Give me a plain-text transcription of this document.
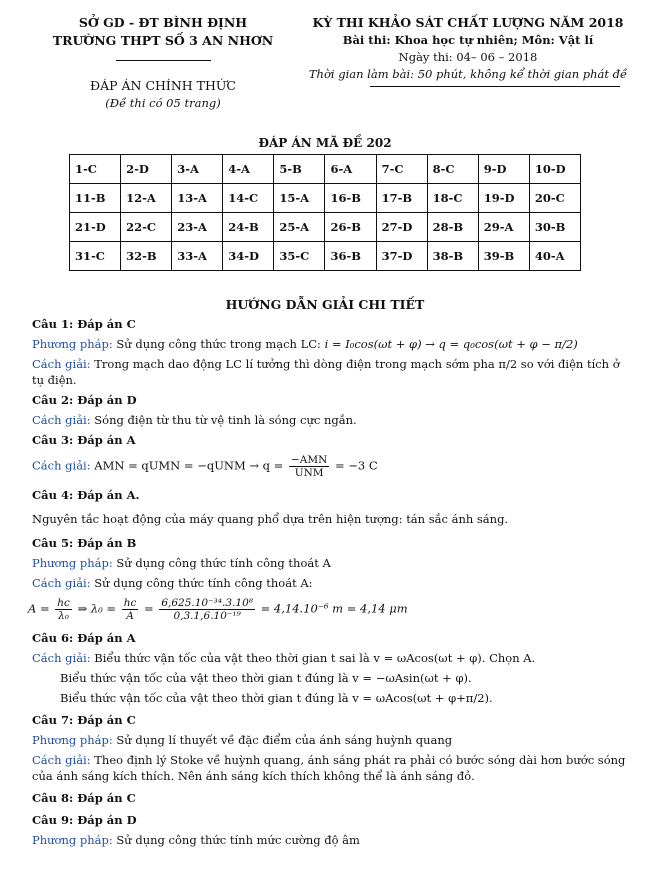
SỞ GD - ĐT BÌNH ĐỊNH
TRƯỜNG THPT SỐ 3 AN NHƠN
ĐÁP ÁN CHÍNH THỨC
(Đề thi có 05 trang)
KỲ THI KHẢO SÁT CHẤT LƯỢNG NĂM 2018
Bài thi: Khoa học tự nhiên; Môn: Vật lí
Ngày thi: 04– 06 – 2018
Thời gian làm bài: 50 phút, không kể thời gian phát đề
ĐÁP ÁN MÃ ĐỀ 202
1-C	2-D	3-A	4-A	5-B	6-A	7-C	8-C	9-D	10-D
11-B	12-A	13-A	14-C	15-A	16-B	17-B	18-C	19-D	20-C
21-D	22-C	23-A	24-B	25-A	26-B	27-D	28-B	29-A	30-B
31-C	32-B	33-A	34-D	35-C	36-B	37-D	38-B	39-B	40-A
HƯỚNG DẪN GIẢI CHI TIẾT
Câu 1: Đáp án C
Phương pháp: Sử dụng công thức trong mạch LC: i = I₀cos(ωt + φ) → q = q₀cos(ωt + φ − π/2)
Cách giải: Trong mạch dao động LC lí tưởng thì dòng điện trong mạch sớm pha π/2 so với điện tích ở tụ điện.
Câu 2: Đáp án D
Cách giải: Sóng điện từ thu từ vệ tinh là sóng cực ngắn.
Câu 3: Đáp án A
Cách giải: AMN = qUMN = −qUNM → $q = \frac{\text{−AMN}}{\text{UNM}} = -3$ C
Câu 4: Đáp án A.
Nguyên tắc hoạt động của máy quang phổ dựa trên hiện tượng: tán sắc ánh sáng.
Câu 5: Đáp án B
Phương pháp: Sử dụng công thức tính công thoát A
Cách giải: Sử dụng công thức tính công thoát A:
$A = \frac{hc}{\text{λ₀}}$ ⇒ $\lambda_0 = \frac{hc}{A} = \frac{\text{6,625.10⁻³⁴.3.10⁸}}{\text{0,3.1,6.10⁻¹⁹}} = 4,14.10^{-6}$ m = 4,14 μm
Câu 6: Đáp án A
Cách giải: Biểu thức vận tốc của vật theo thời gian t sai là v = ωAcos(ωt + φ). Chọn A.
Biểu thức vận tốc của vật theo thời gian t đúng là v = −ωAsin(ωt + φ).
Biểu thức vận tốc của vật theo thời gian t đúng là v = ωAcos(ωt + φ+π/2).
Câu 7: Đáp án C
Phương pháp: Sử dụng lí thuyết về đặc điểm của ánh sáng huỳnh quang
Cách giải: Theo định lý Stoke về huỳnh quang, ánh sáng phát ra phải có bước sóng dài hơn bước sóng của ánh sáng kích thích. Nên ánh sáng kích thích không thể là ánh sáng đỏ.
Câu 8: Đáp án C
Câu 9: Đáp án D
Phương pháp: Sử dụng công thức tính mức cường độ âm
